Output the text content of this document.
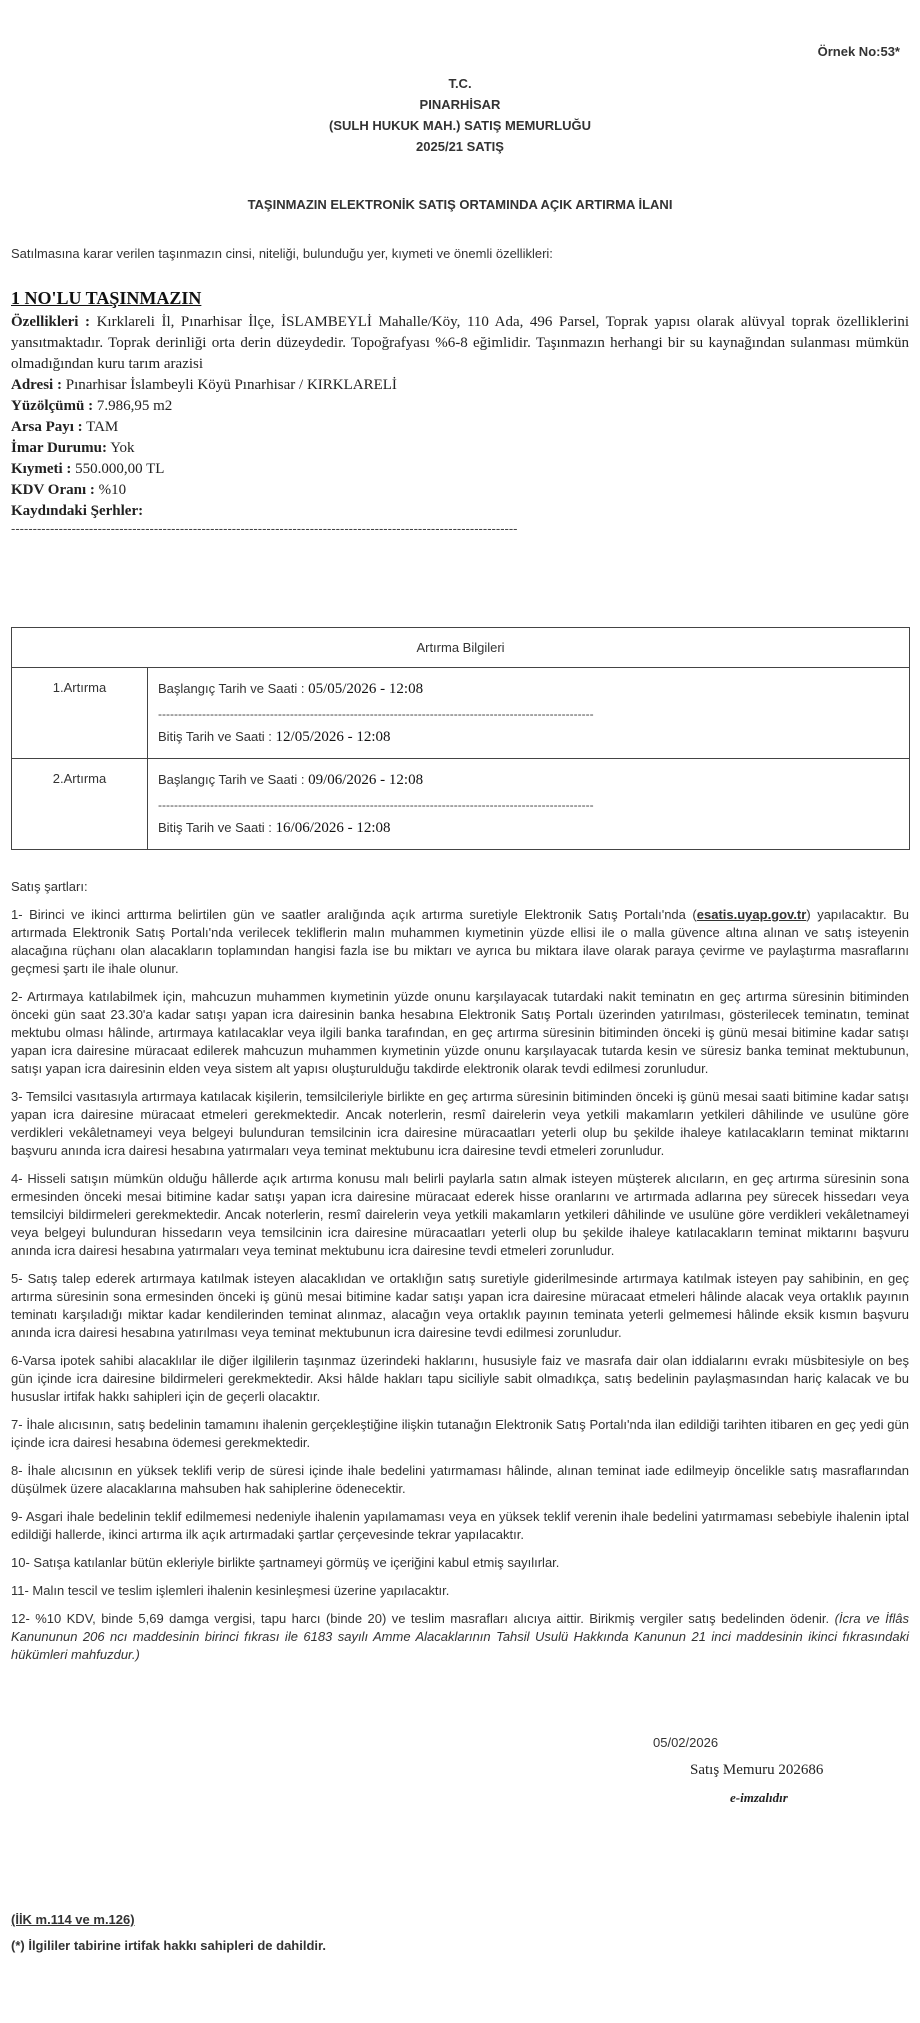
Örnek No:53*
T.C.
PINARHİSAR
(SULH HUKUK MAH.) SATIŞ MEMURLUĞU
2025/21 SATIŞ
TAŞINMAZIN ELEKTRONİK SATIŞ ORTAMINDA AÇIK ARTIRMA İLANI
Satılmasına karar verilen taşınmazın cinsi, niteliği, bulunduğu yer, kıymeti ve önemli özellikleri:
1 NO'LU TAŞINMAZIN

Özellikleri : Kırklareli İl, Pınarhisar İlçe, İSLAMBEYLİ Mahalle/Köy, 110 Ada, 496 Parsel, Toprak yapısı olarak alüvyal toprak özelliklerini yansıtmaktadır. Toprak derinliği orta derin düzeydedir. Topoğrafyası %6-8 eğimlidir. Taşınmazın herhangi bir su kaynağından sulanması mümkün olmadığından kuru tarım arazisi

Adresi : Pınarhisar İslambeyli Köyü Pınarhisar / KIRKLARELİ

Yüzölçümü : 7.986,95 m2

Arsa Payı : TAM

İmar Durumu: Yok

Kıymeti : 550.000,00 TL

KDV Oranı : %10

Kaydındaki Şerhler:

---------------------------------------------------------------------------------------------------------------------
Artırma Bilgileri	
1.Artırma	Başlangıç Tarih ve Saati : 05/05/2026 - 12:08
-------------------------------------------------------------------------------------------------------------
Bitiş Tarih ve Saati : 12/05/2026 - 12:08

2.Artırma	Başlangıç Tarih ve Saati : 09/06/2026 - 12:08
-------------------------------------------------------------------------------------------------------------
Bitiş Tarih ve Saati : 16/06/2026 - 12:08
Satış şartları:

1- Birinci ve ikinci arttırma belirtilen gün ve saatler aralığında açık artırma suretiyle Elektronik Satış Portalı'nda (esatis.uyap.gov.tr) yapılacaktır. Bu artırmada Elektronik Satış Portalı'nda verilecek tekliflerin malın muhammen kıymetinin yüzde ellisi ile o malla güvence altına alınan ve satış isteyenin alacağına rüçhanı olan alacakların toplamından hangisi fazla ise bu miktarı ve ayrıca bu miktara ilave olarak paraya çevirme ve paylaştırma masraflarını geçmesi şartı ile ihale olunur.

2- Artırmaya katılabilmek için, mahcuzun muhammen kıymetinin yüzde onunu karşılayacak tutardaki nakit teminatın en geç artırma süresinin bitiminden önceki gün saat 23.30'a kadar satışı yapan icra dairesinin banka hesabına Elektronik Satış Portalı üzerinden yatırılması, gösterilecek teminatın, teminat mektubu olması hâlinde, artırmaya katılacaklar veya ilgili banka tarafından, en geç artırma süresinin bitiminden önceki iş günü mesai bitimine kadar satışı yapan icra dairesine müracaat edilerek mahcuzun muhammen kıymetinin yüzde onunu karşılayacak tutarda kesin ve süresiz banka teminat mektubunun, satışı yapan icra dairesinin elden veya sistem alt yapısı oluşturulduğu takdirde elektronik olarak tevdi edilmesi zorunludur.

3- Temsilci vasıtasıyla artırmaya katılacak kişilerin, temsilcileriyle birlikte en geç artırma süresinin bitiminden önceki iş günü mesai saati bitimine kadar satışı yapan icra dairesine müracaat etmeleri gerekmektedir. Ancak noterlerin, resmî dairelerin veya yetkili makamların yetkileri dâhilinde ve usulüne göre verdikleri vekâletnameyi veya belgeyi bulunduran temsilcinin icra dairesine müracaatları yeterli olup bu şekilde ihaleye katılacakların teminat miktarını başvuru anında icra dairesi hesabına yatırmaları veya teminat mektubunu icra dairesine tevdi etmeleri zorunludur.

4- Hisseli satışın mümkün olduğu hâllerde açık artırma konusu malı belirli paylarla satın almak isteyen müşterek alıcıların, en geç artırma süresinin sona ermesinden önceki mesai bitimine kadar satışı yapan icra dairesine müracaat ederek hisse oranlarını ve artırmada adlarına pey sürecek hissedarı veya temsilciyi bildirmeleri gerekmektedir. Ancak noterlerin, resmî dairelerin veya yetkili makamların yetkileri dâhilinde ve usulüne göre verdikleri vekâletnameyi veya belgeyi bulunduran hissedarın veya temsilcinin icra dairesine müracaatları yeterli olup bu şekilde ihaleye katılacakların teminat miktarını başvuru anında icra dairesi hesabına yatırmaları veya teminat mektubunu icra dairesine tevdi etmeleri zorunludur.

5- Satış talep ederek artırmaya katılmak isteyen alacaklıdan ve ortaklığın satış suretiyle giderilmesinde artırmaya katılmak isteyen pay sahibinin, en geç artırma süresinin sona ermesinden önceki iş günü mesai bitimine kadar satışı yapan icra dairesine müracaat etmeleri hâlinde alacak veya ortaklık payının teminatı karşıladığı miktar kadar kendilerinden teminat alınmaz, alacağın veya ortaklık payının teminata yeterli gelmemesi hâlinde eksik kısmın başvuru anında icra dairesi hesabına yatırılması veya teminat mektubunun icra dairesine tevdi edilmesi zorunludur.

6-Varsa ipotek sahibi alacaklılar ile diğer ilgililerin taşınmaz üzerindeki haklarını, hususiyle faiz ve masrafa dair olan iddialarını evrakı müsbitesiyle on beş gün içinde icra dairesine bildirmeleri gerekmektedir. Aksi hâlde hakları tapu siciliyle sabit olmadıkça, satış bedelinin paylaşmasından hariç kalacak ve bu hususlar irtifak hakkı sahipleri için de geçerli olacaktır.

7- İhale alıcısının, satış bedelinin tamamını ihalenin gerçekleştiğine ilişkin tutanağın Elektronik Satış Portalı'nda ilan edildiği tarihten itibaren en geç yedi gün içinde icra dairesi hesabına ödemesi gerekmektedir.

8- İhale alıcısının en yüksek teklifi verip de süresi içinde ihale bedelini yatırmaması hâlinde, alınan teminat iade edilmeyip öncelikle satış masraflarından düşülmek üzere alacaklarına mahsuben hak sahiplerine ödenecektir.

9- Asgari ihale bedelinin teklif edilmemesi nedeniyle ihalenin yapılamaması veya en yüksek teklif verenin ihale bedelini yatırmaması sebebiyle ihalenin iptal edildiği hallerde, ikinci artırma ilk açık artırmadaki şartlar çerçevesinde tekrar yapılacaktır.

10- Satışa katılanlar bütün ekleriyle birlikte şartnameyi görmüş ve içeriğini kabul etmiş sayılırlar.

11- Malın tescil ve teslim işlemleri ihalenin kesinleşmesi üzerine yapılacaktır.

12- %10 KDV, binde 5,69 damga vergisi, tapu harcı (binde 20) ve teslim masrafları alıcıya aittir. Birikmiş vergiler satış bedelinden ödenir. (İcra ve İflâs Kanununun 206 ncı maddesinin birinci fıkrası ile 6183 sayılı Amme Alacaklarının Tahsil Usulü Hakkında Kanunun 21 inci maddesinin ikinci fıkrasındaki hükümleri mahfuzdur.)

05/02/2026
Satış Memuru 202686
e-imzalıdır
(İİK m.114 ve m.126)
(*) İlgililer tabirine irtifak hakkı sahipleri de dahildir.
